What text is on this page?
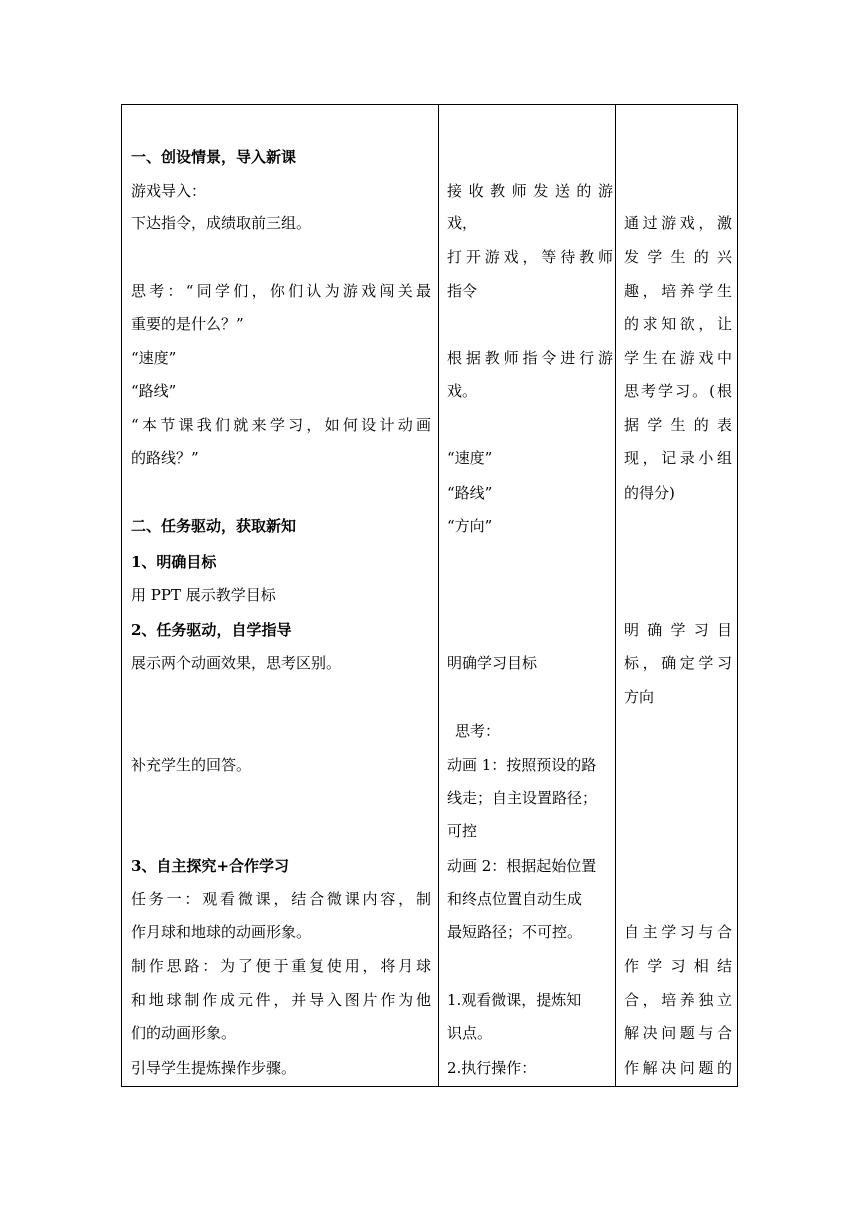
一、创设情景，导入新课
游戏导入：
下达指令，成绩取前三组。
思考：“同学们，你们认为游戏闯关最
重要的是什么？”
“速度”
“路线”
“本节课我们就来学习，如何设计动画
的路线？”
二、任务驱动，获取新知
1、明确目标
用 PPT 展示教学目标
2、任务驱动，自学指导
展示两个动画效果，思考区别。
补充学生的回答。
3、自主探究+合作学习
任务一：观看微课，结合微课内容，制
作月球和地球的动画形象。
制作思路：为了便于重复使用，将月球
和地球制作成元件，并导入图片作为他
们的动画形象。
引导学生提炼操作步骤。
接收教师发送的游
戏，
打开游戏，等待教师
指令
根据教师指令进行游
戏。
“速度”
“路线”
“方向”
明确学习目标
思考：
动画 1：按照预设的路
线走；自主设置路径；
可控
动画 2：根据起始位置
和终点位置自动生成
最短路径；不可控。
1.观看微课，提炼知
识点。
2.执行操作：
通过游戏，激
发学生的兴
趣，培养学生
的求知欲，让
学生在游戏中
思考学习。(根
据学生的表
现，记录小组
的得分)
明确学习目
标，确定学习
方向
自主学习与合
作学习相结
合，培养独立
解决问题与合
作解决问题的
